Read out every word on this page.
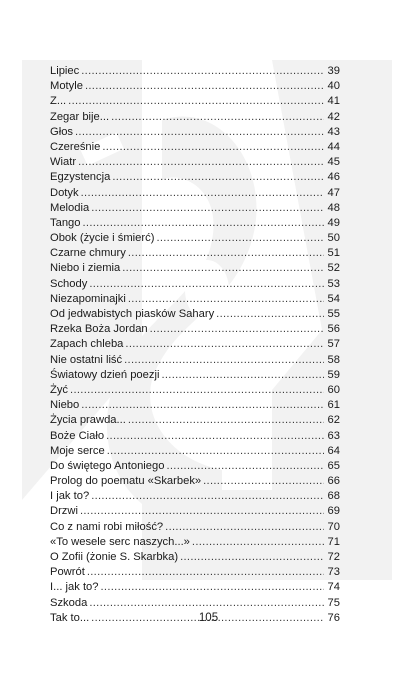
Lipiec . . .	39
Motyle . . .	40
Z... . . .	41
Zegar bije... . . .	42
Głos . . .	43
Czereśnie . . .	44
Wiatr . . .	45
Egzystencja . . .	46
Dotyk . . .	47
Melodia . . .	48
Tango . . .	49
Obok (życie i śmierć) . . .	50
Czarne chmury . . .	51
Niebo i ziemia . . .	52
Schody . . .	53
Niezapominajki . . .	54
Od jedwabistych piasków Sahary . . .	55
Rzeka Boża Jordan . . .	56
Zapach chleba . . .	57
Nie ostatni liść . . .	58
Światowy dzień poezji . . .	59
Żyć . . .	60
Niebo . . .	61
Życia prawda... . . .	62
Boże Ciało . . .	63
Moje serce . . .	64
Do świętego Antoniego . . .	65
Prolog do poematu «Skarbek» . . .	66
I jak to? . . .	68
Drzwi . . .	69
Co z nami robi miłość? . . .	70
«To wesele serc naszych...» . . .	71
O Zofii (żonie S. Skarbka) . . .	72
Powrót . . .	73
I... jak to? . . .	74
Szkoda . . .	75
Tak to... . . .	76
105
